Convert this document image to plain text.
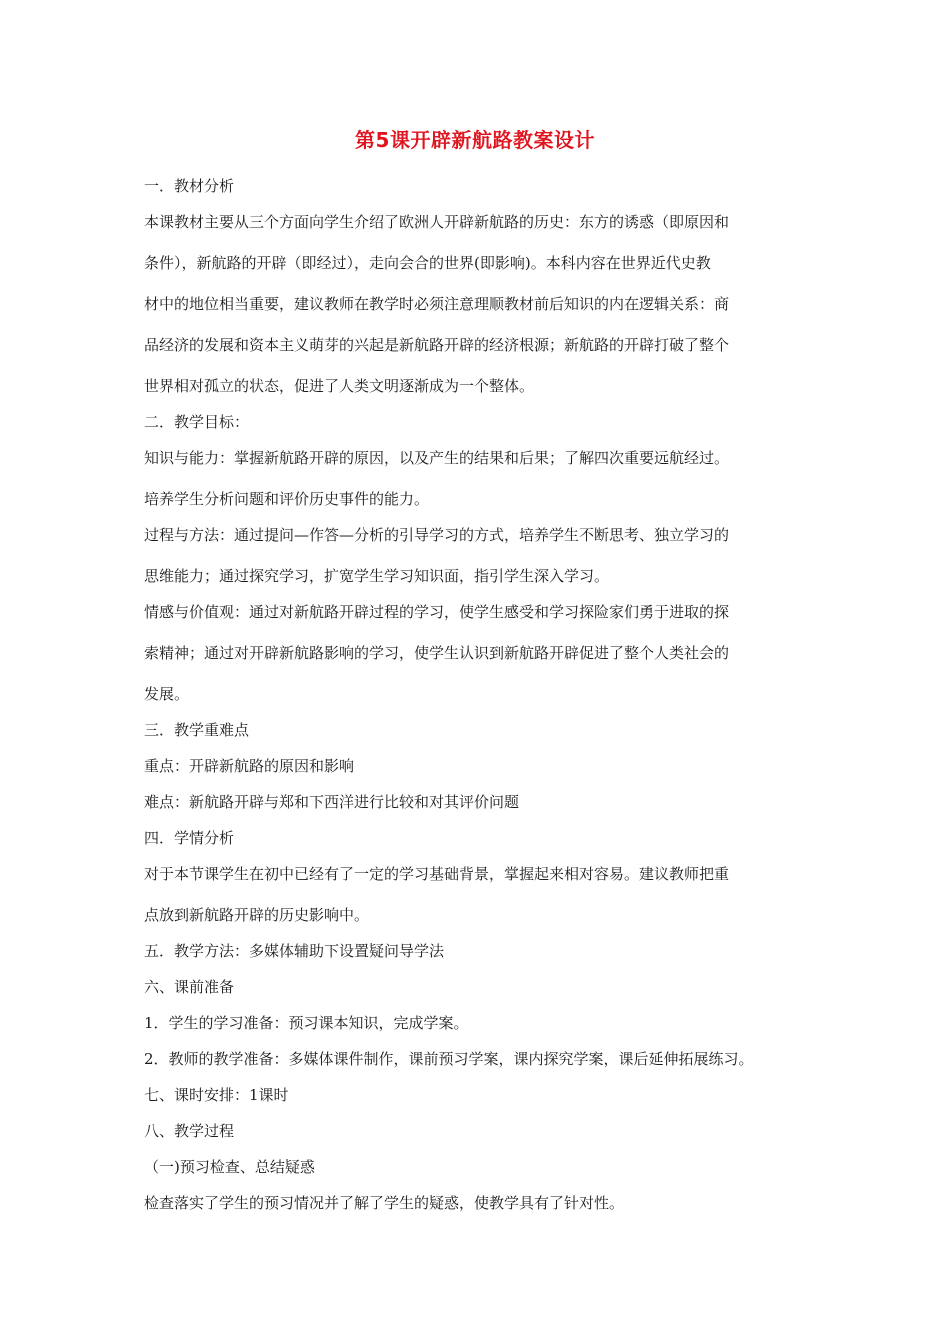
第5课开辟新航路教案设计
一．教材分析
本课教材主要从三个方面向学生介绍了欧洲人开辟新航路的历史：东方的诱惑（即原因和
条件），新航路的开辟（即经过），走向会合的世界(即影响)。本科内容在世界近代史教
材中的地位相当重要，建议教师在教学时必须注意理顺教材前后知识的内在逻辑关系：商
品经济的发展和资本主义萌芽的兴起是新航路开辟的经济根源；新航路的开辟打破了整个
世界相对孤立的状态，促进了人类文明逐渐成为一个整体。
二．教学目标：
知识与能力：掌握新航路开辟的原因，以及产生的结果和后果；了解四次重要远航经过。
培养学生分析问题和评价历史事件的能力。
过程与方法：通过提问—作答—分析的引导学习的方式，培养学生不断思考、独立学习的
思维能力；通过探究学习，扩宽学生学习知识面，指引学生深入学习。
情感与价值观：通过对新航路开辟过程的学习，使学生感受和学习探险家们勇于进取的探
索精神；通过对开辟新航路影响的学习，使学生认识到新航路开辟促进了整个人类社会的
发展。
三．教学重难点
重点：开辟新航路的原因和影响
难点：新航路开辟与郑和下西洋进行比较和对其评价问题
四．学情分析
对于本节课学生在初中已经有了一定的学习基础背景，掌握起来相对容易。建议教师把重
点放到新航路开辟的历史影响中。
五．教学方法：多媒体辅助下设置疑问导学法
六、课前准备
1．学生的学习准备：预习课本知识，完成学案。
2．教师的教学准备：多媒体课件制作，课前预习学案，课内探究学案，课后延伸拓展练习。
七、课时安排：1课时
八、教学过程
（一)预习检查、总结疑惑
检查落实了学生的预习情况并了解了学生的疑惑，使教学具有了针对性。
